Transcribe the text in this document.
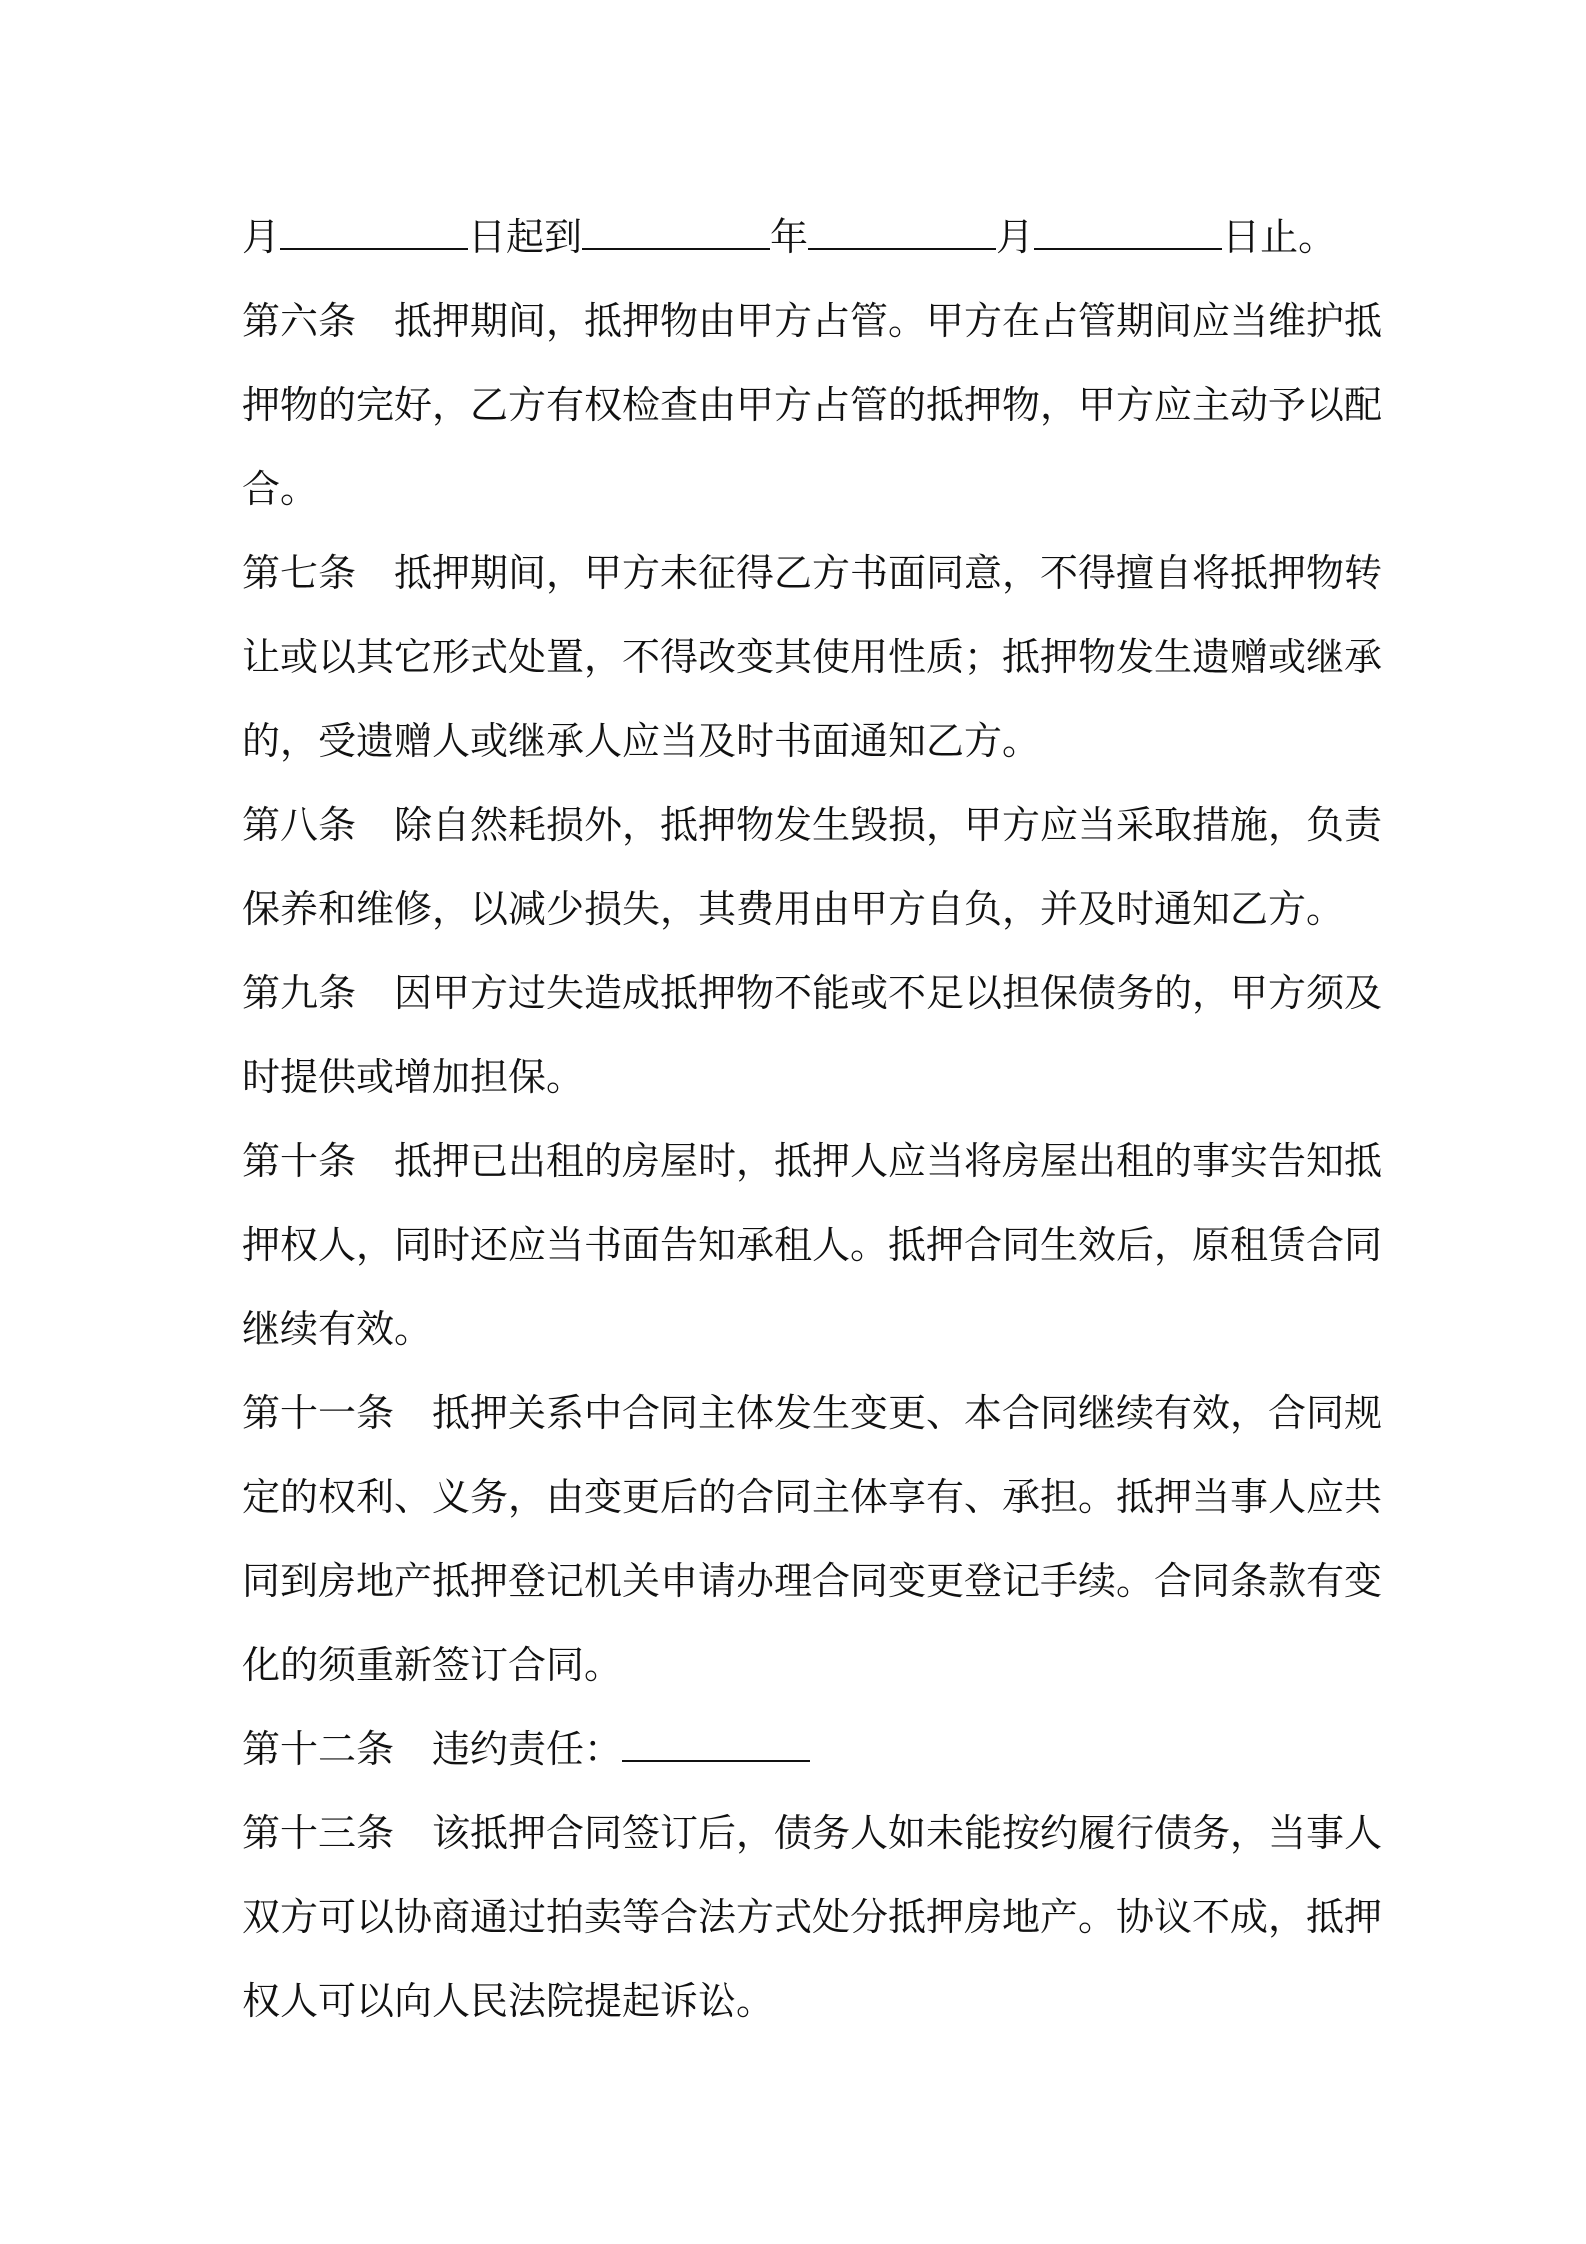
月	日起到	年	月	日止。
第六条 抵押期间，抵押物由甲方占管。甲方在占管期间应当维护抵
押物的完好，乙方有权检查由甲方占管的抵押物，甲方应主动予以配
合。
第七条 抵押期间，甲方未征得乙方书面同意，不得擅自将抵押物转
让或以其它形式处置，不得改变其使用性质；抵押物发生遗赠或继承
的，受遗赠人或继承人应当及时书面通知乙方。
第八条 除自然耗损外，抵押物发生毁损，甲方应当采取措施，负责
保养和维修，以减少损失，其费用由甲方自负，并及时通知乙方。
第九条 因甲方过失造成抵押物不能或不足以担保债务的，甲方须及
时提供或增加担保。
第十条 抵押已出租的房屋时，抵押人应当将房屋出租的事实告知抵
押权人，同时还应当书面告知承租人。抵押合同生效后，原租赁合同
继续有效。
第十一条 抵押关系中合同主体发生变更、本合同继续有效，合同规
定的权利、义务，由变更后的合同主体享有、承担。抵押当事人应共
同到房地产抵押登记机关申请办理合同变更登记手续。合同条款有变
化的须重新签订合同。
第十二条 违约责任：
第十三条 该抵押合同签订后，债务人如未能按约履行债务，当事人
双方可以协商通过拍卖等合法方式处分抵押房地产。协议不成，抵押
权人可以向人民法院提起诉讼。
